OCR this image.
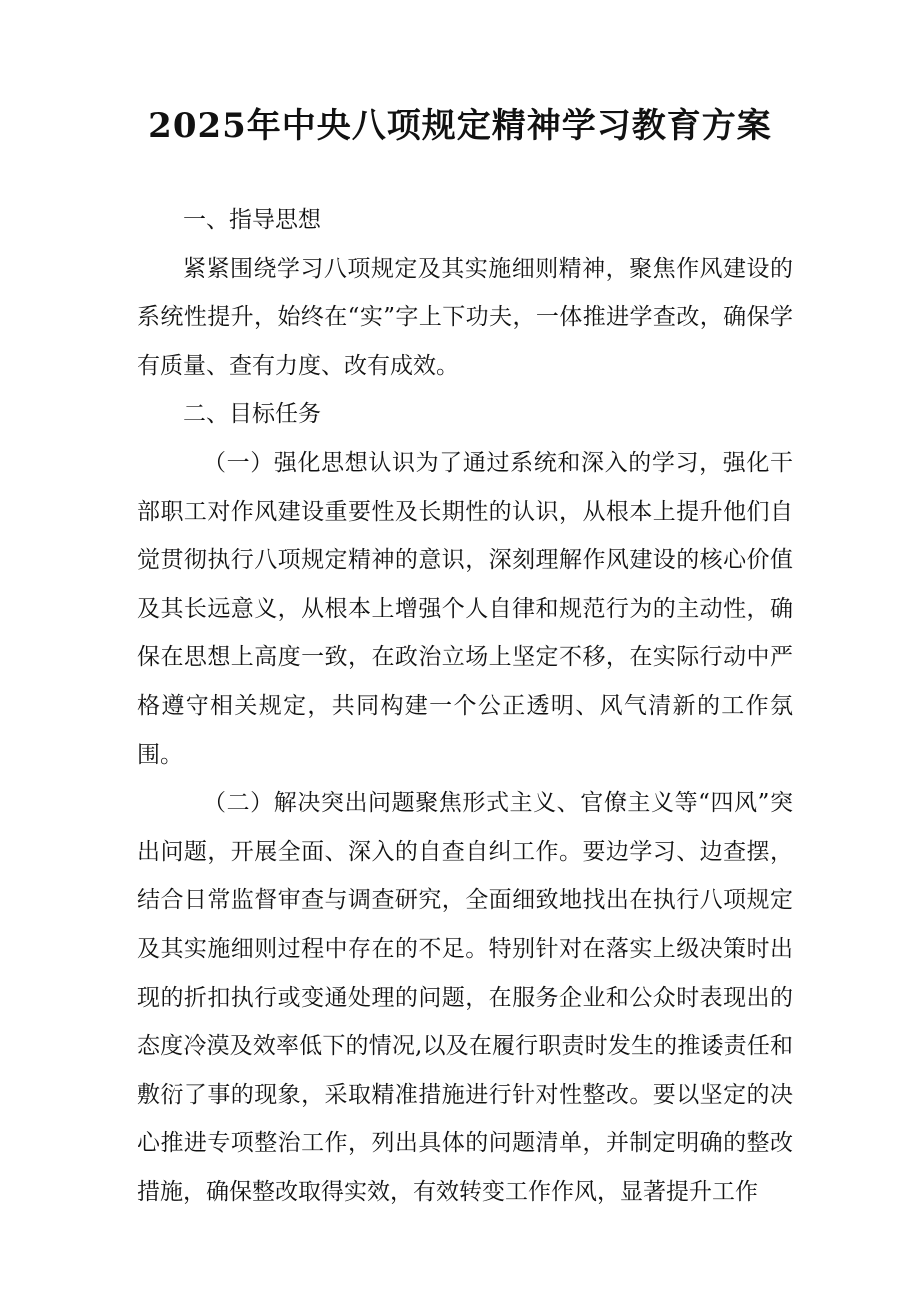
2025年中央八项规定精神学习教育方案

一、指导思想

紧紧围绕学习八项规定及其实施细则精神，聚焦作风建设的系统性提升，始终在“实”字上下功夫，一体推进学查改，确保学有质量、查有力度、改有成效。

二、目标任务

（一）强化思想认识为了通过系统和深入的学习，强化干部职工对作风建设重要性及长期性的认识，从根本上提升他们自觉贯彻执行八项规定精神的意识，深刻理解作风建设的核心价值及其长远意义，从根本上增强个人自律和规范行为的主动性，确保在思想上高度一致，在政治立场上坚定不移，在实际行动中严格遵守相关规定，共同构建一个公正透明、风气清新的工作氛围。

（二）解决突出问题聚焦形式主义、官僚主义等“四风”突出问题，开展全面、深入的自查自纠工作。要边学习、边查摆，结合日常监督审查与调查研究，全面细致地找出在执行八项规定及其实施细则过程中存在的不足。特别针对在落实上级决策时出现的折扣执行或变通处理的问题，在服务企业和公众时表现出的态度冷漠及效率低下的情况,以及在履行职责时发生的推诿责任和敷衍了事的现象，采取精准措施进行针对性整改。要以坚定的决心推进专项整治工作，列出具体的问题清单，并制定明确的整改措施，确保整改取得实效，有效转变工作作风，显著提升工作
